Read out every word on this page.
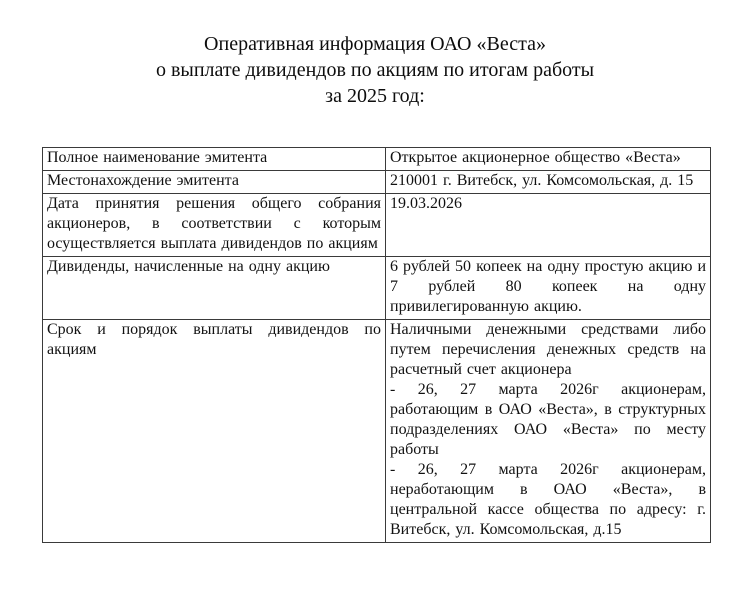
Оперативная информация ОАО «Веста»
о выплате дивидендов по акциям по итогам работы
за 2025 год:
Полное наименование эмитента	Открытое акционерное общество «Веста»
Местонахождение эмитента	210001 г. Витебск, ул. Комсомольская, д. 15
Дата принятия решения общего собрания акционеров, в соответствии с которым осуществляется выплата дивидендов по акциям	19.03.2026
Дивиденды, начисленные на одну акцию	6 рублей 50 копеек на одну простую акцию и 7 рублей 80 копеек на одну привилегированную акцию.
Срок и порядок выплаты дивидендов по акциям	Наличными денежными средствами либо путем перечисления денежных средств на расчетный счет акционера

- 26, 27 марта 2026г акционерам, работающим в ОАО «Веста», в структурных подразделениях ОАО «Веста» по месту работы

- 26, 27 марта 2026г акционерам, неработающим в ОАО «Веста», в центральной кассе общества по адресу: г. Витебск, ул. Комсомольская, д.15
